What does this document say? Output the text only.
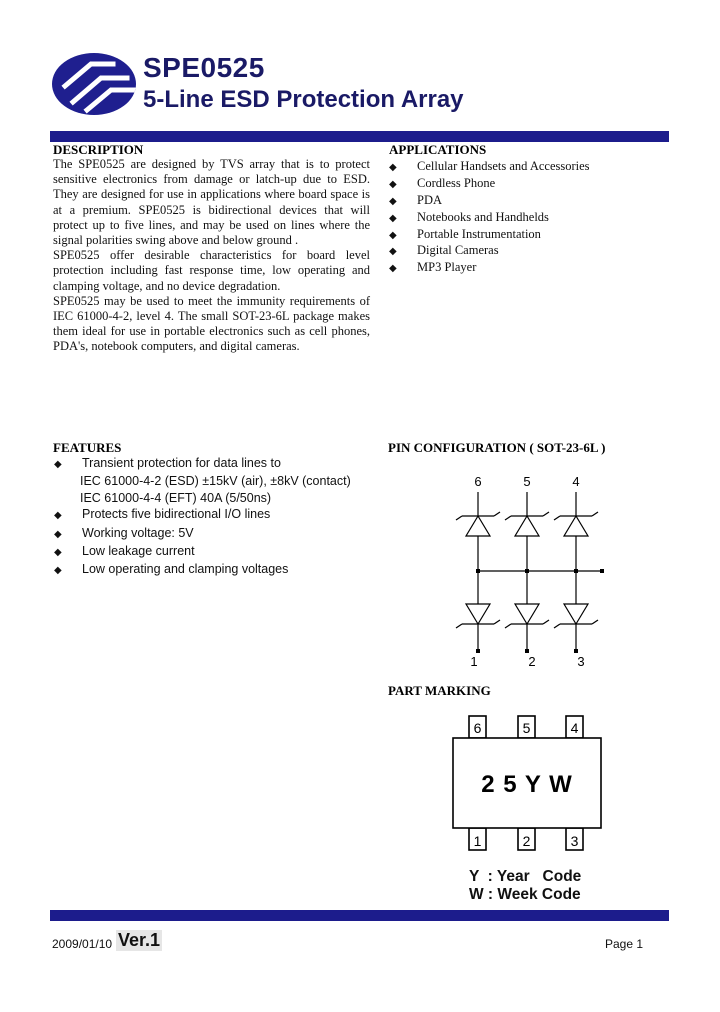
SPE0525
5-Line ESD Protection Array
DESCRIPTION

The SPE0525 are designed by TVS array that is to protect sensitive electronics from damage or latch-up due to ESD. They are designed for use in applications where board space is at a premium. SPE0525 is bidirectional devices that will protect up to five lines, and may be used on lines where the signal polarities swing above and below ground .

SPE0525 offer desirable characteristics for board level protection including fast response time, low operating and clamping voltage, and no device degradation.

SPE0525 may be used to meet the immunity requirements of IEC 61000-4-2, level 4. The small SOT-23-6L package makes them ideal for use in portable electronics such as cell phones, PDA's, notebook computers, and digital cameras.

APPLICATIONS
◆ Cellular Handsets and Accessories
◆ Cordless Phone
◆ PDA
◆ Notebooks and Handhelds
◆ Portable Instrumentation
◆ Digital Cameras
◆ MP3 Player
FEATURES
◆ Transient protection for data lines to
IEC 61000-4-2 (ESD) ±15kV (air), ±8kV (contact)
IEC 61000-4-4 (EFT) 40A (5/50ns)
◆ Protects five bidirectional I/O lines
◆ Working voltage: 5V
◆ Low leakage current
◆ Low operating and clamping voltages
PIN CONFIGURATION ( SOT-23-6L )
6	5	4
1	2	3
PART MARKING
6	5	4
1	2	3
2 5 Y W
Y  : Year   Code
W : Week Code
2009/01/10 Ver.1	Page 1
